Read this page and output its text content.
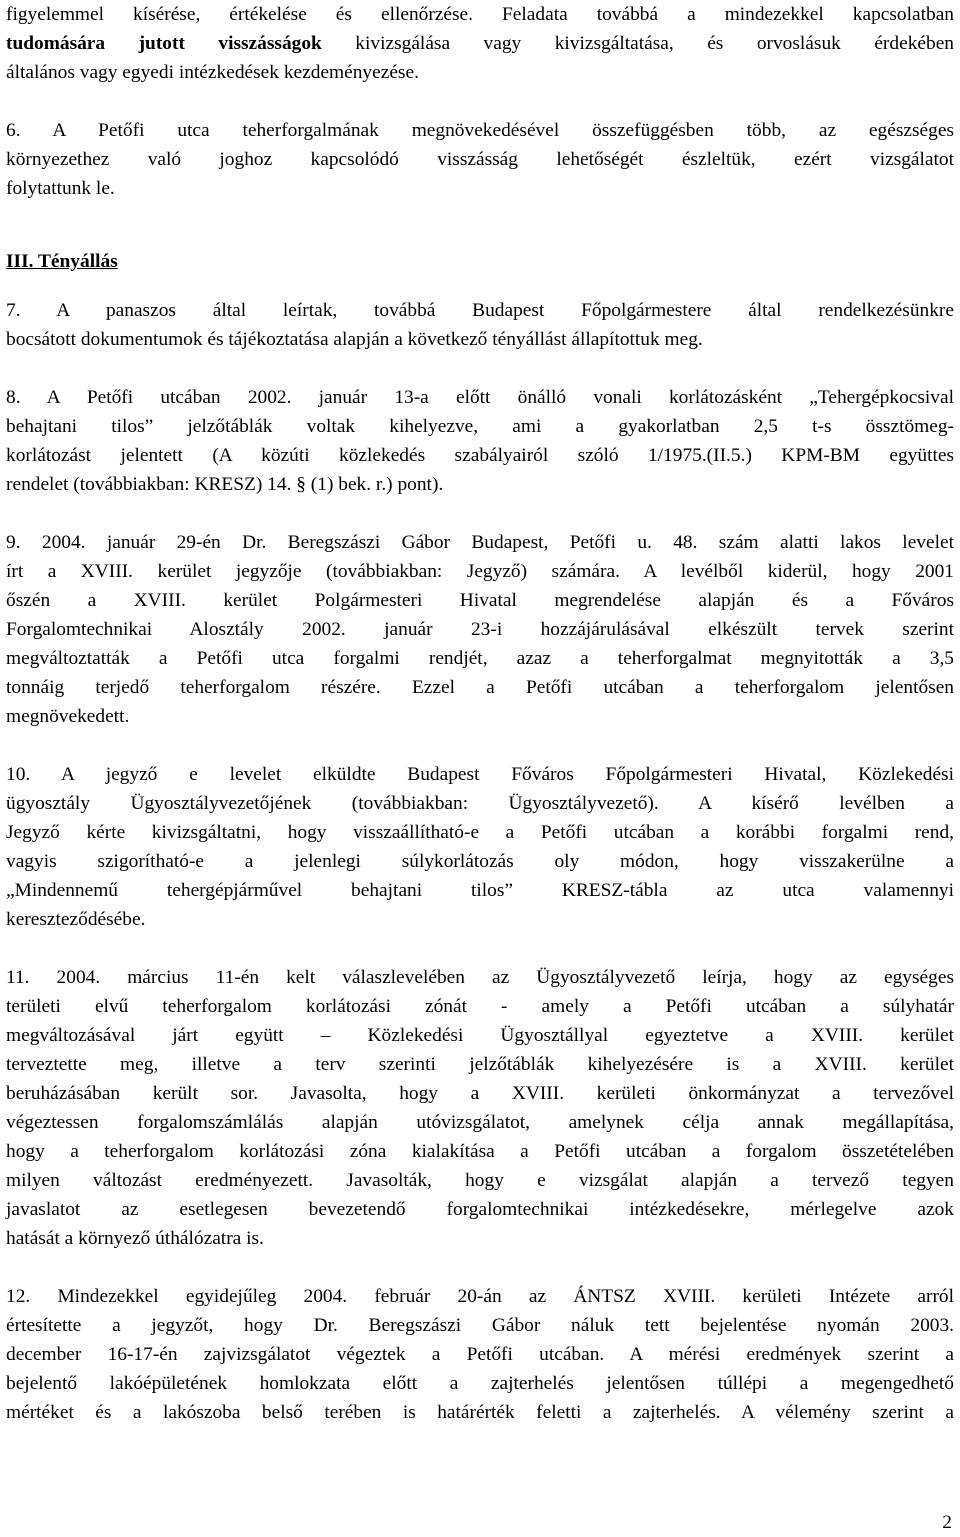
figyelemmel kísérése, értékelése és ellenőrzése. Feladata továbbá a mindezekkel kapcsolatban
tudomására jutott visszásságok kivizsgálása vagy kivizsgáltatása, és orvoslásuk érdekében
általános vagy egyedi intézkedések kezdeményezése.
6. A Petőfi utca teherforgalmának megnövekedésével összefüggésben több, az egészséges
környezethez való joghoz kapcsolódó visszásság lehetőségét észleltük, ezért vizsgálatot
folytattunk le.
III. Tényállás
7. A panaszos által leírtak, továbbá Budapest Főpolgármestere által rendelkezésünkre
bocsátott dokumentumok és tájékoztatása alapján a következő tényállást állapítottuk meg.
8. A Petőfi utcában 2002. január 13-a előtt önálló vonali korlátozásként „Tehergépkocsival
behajtani tilos” jelzőtáblák voltak kihelyezve, ami a gyakorlatban 2,5 t-s össztömeg-
korlátozást jelentett (A közúti közlekedés szabályairól szóló 1/1975.(II.5.) KPM-BM együttes
rendelet (továbbiakban: KRESZ) 14. § (1) bek. r.) pont).
9. 2004. január 29-én Dr. Beregszászi Gábor Budapest, Petőfi u. 48. szám alatti lakos levelet
írt a XVIII. kerület jegyzője (továbbiakban: Jegyző) számára. A levélből kiderül, hogy 2001
őszén a XVIII. kerület Polgármesteri Hivatal megrendelése alapján és a Főváros
Forgalomtechnikai Alosztály 2002. január 23-i hozzájárulásával elkészült tervek szerint
megváltoztatták a Petőfi utca forgalmi rendjét, azaz a teherforgalmat megnyitották a 3,5
tonnáig terjedő teherforgalom részére. Ezzel a Petőfi utcában a teherforgalom jelentősen
megnövekedett.
10. A jegyző e levelet elküldte Budapest Főváros Főpolgármesteri Hivatal, Közlekedési
ügyosztály Ügyosztályvezetőjének (továbbiakban: Ügyosztályvezető). A kísérő levélben a
Jegyző kérte kivizsgáltatni, hogy visszaállítható-e a Petőfi utcában a korábbi forgalmi rend,
vagyis szigorítható-e a jelenlegi súlykorlátozás oly módon, hogy visszakerülne a
„Mindennemű tehergépjárművel behajtani tilos” KRESZ-tábla az utca valamennyi
kereszteződésébe.
11. 2004. március 11-én kelt válaszlevelében az Ügyosztályvezető leírja, hogy az egységes
területi elvű teherforgalom korlátozási zónát - amely a Petőfi utcában a súlyhatár
megváltozásával járt együtt – Közlekedési Ügyosztállyal egyeztetve a XVIII. kerület
terveztette meg, illetve a terv szerinti jelzőtáblák kihelyezésére is a XVIII. kerület
beruházásában került sor. Javasolta, hogy a XVIII. kerületi önkormányzat a tervezővel
végeztessen forgalomszámlálás alapján utóvizsgálatot, amelynek célja annak megállapítása,
hogy a teherforgalom korlátozási zóna kialakítása a Petőfi utcában a forgalom összetételében
milyen változást eredményezett. Javasolták, hogy e vizsgálat alapján a tervező tegyen
javaslatot az esetlegesen bevezetendő forgalomtechnikai intézkedésekre, mérlegelve azok
hatását a környező úthálózatra is.
12. Mindezekkel egyidejűleg 2004. február 20-án az ÁNTSZ XVIII. kerületi Intézete arról
értesítette a jegyzőt, hogy Dr. Beregszászi Gábor náluk tett bejelentése nyomán 2003.
december 16-17-én zajvizsgálatot végeztek a Petőfi utcában. A mérési eredmények szerint a
bejelentő lakóépületének homlokzata előtt a zajterhelés jelentősen túllépi a megengedhető
mértéket és a lakószoba belső terében is határérték feletti a zajterhelés. A vélemény szerint a
2
